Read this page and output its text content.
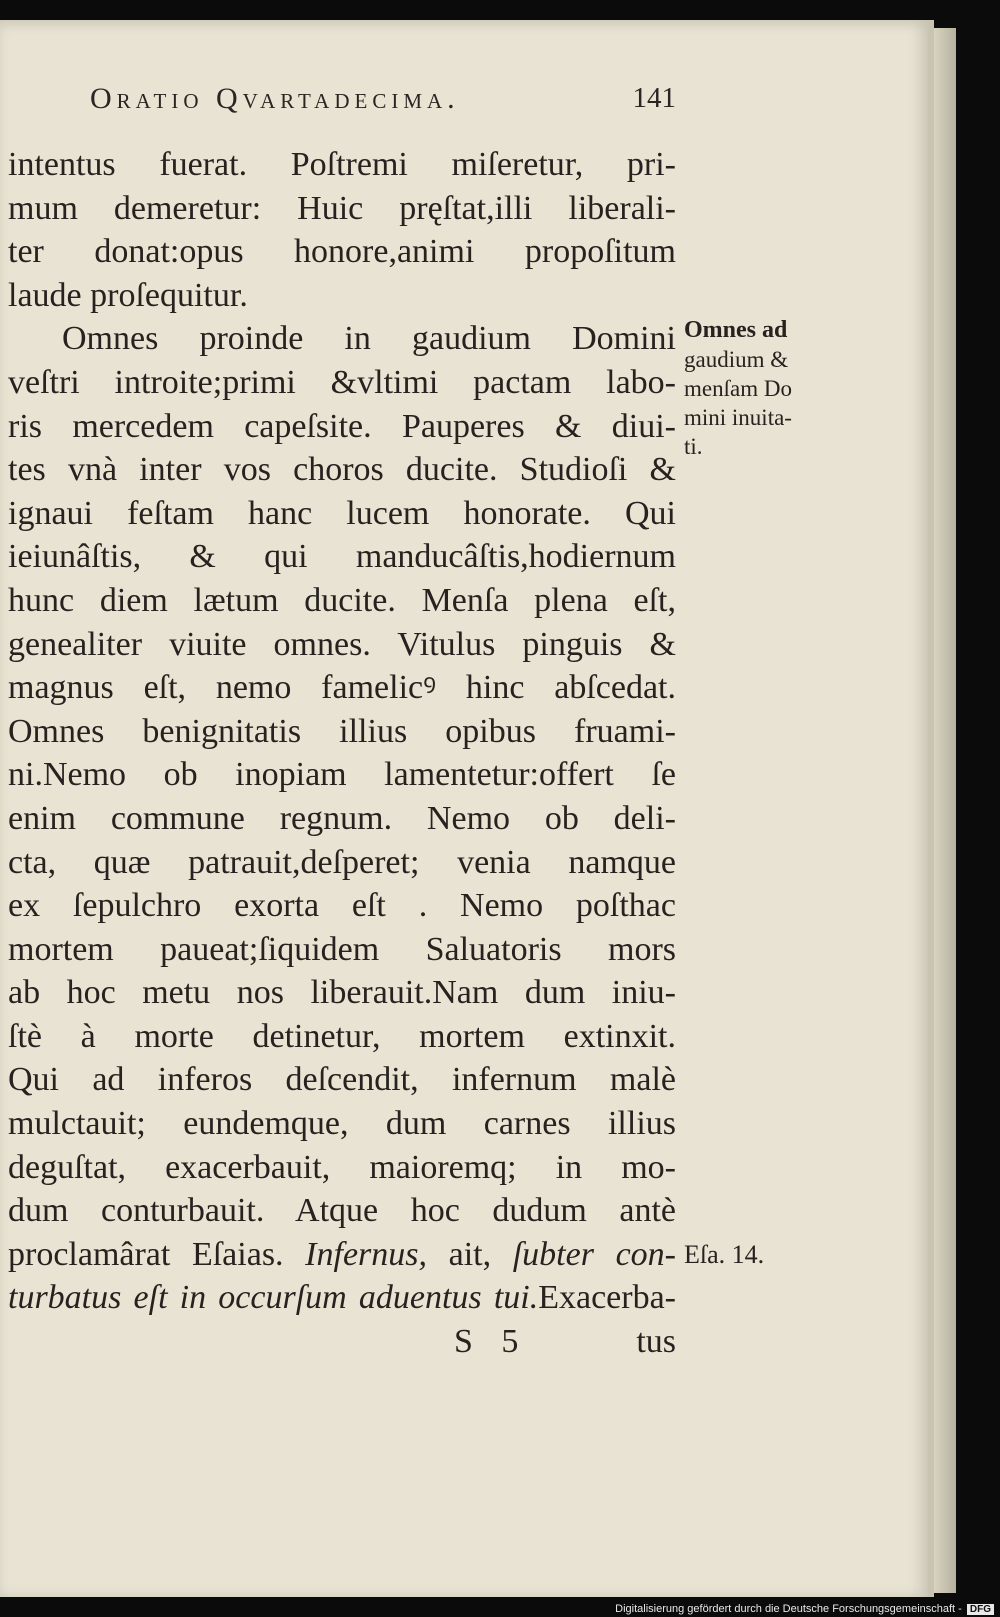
Oratio Qvartadecima.	141
intentus fuerat. Poſtremi miſeretur, pri-
mum demeretur: Huic pręſtat,illi liberali-
ter donat:opus honore,animi propoſitum
laude proſequitur.
Omnes proinde in gaudium Domini
veſtri introite;primi &vltimi pactam labo-
ris mercedem capeſsite. Pauperes & diui-
tes vnà inter vos choros ducite. Studioſi &
ignaui feſtam hanc lucem honorate. Qui
ieiunâſtis, & qui manducâſtis,hodiernum
hunc diem lætum ducite. Menſa plena eſt,
genealiter viuite omnes. Vitulus pinguis &
magnus eſt, nemo famelicꝰ hinc abſcedat.
Omnes benignitatis illius opibus fruami-
ni.Nemo ob inopiam lamentetur:offert ſe
enim commune regnum. Nemo ob deli-
cta, quæ patrauit,deſperet; venia namque
ex ſepulchro exorta eſt . Nemo poſthac
mortem paueat;ſiquidem Saluatoris mors
ab hoc metu nos liberauit.Nam dum iniu-
ſtè à morte detinetur, mortem extinxit.
Qui ad inferos deſcendit, infernum malè
mulctauit; eundemque, dum carnes illius
deguſtat, exacerbauit, maioremq; in mo-
dum conturbauit. Atque hoc dudum antè
proclamârat Eſaias. Infernus, ait, ſubter con-
turbatus eſt in occurſum aduentus tui.Exacerba-
Omnes ad
gaudium &
menſam Do
mini inuita-
ti.
Eſa. 14.
S 5	tus
Digitalisierung gefördert durch die Deutsche Forschungsgemeinschaft - DFG
